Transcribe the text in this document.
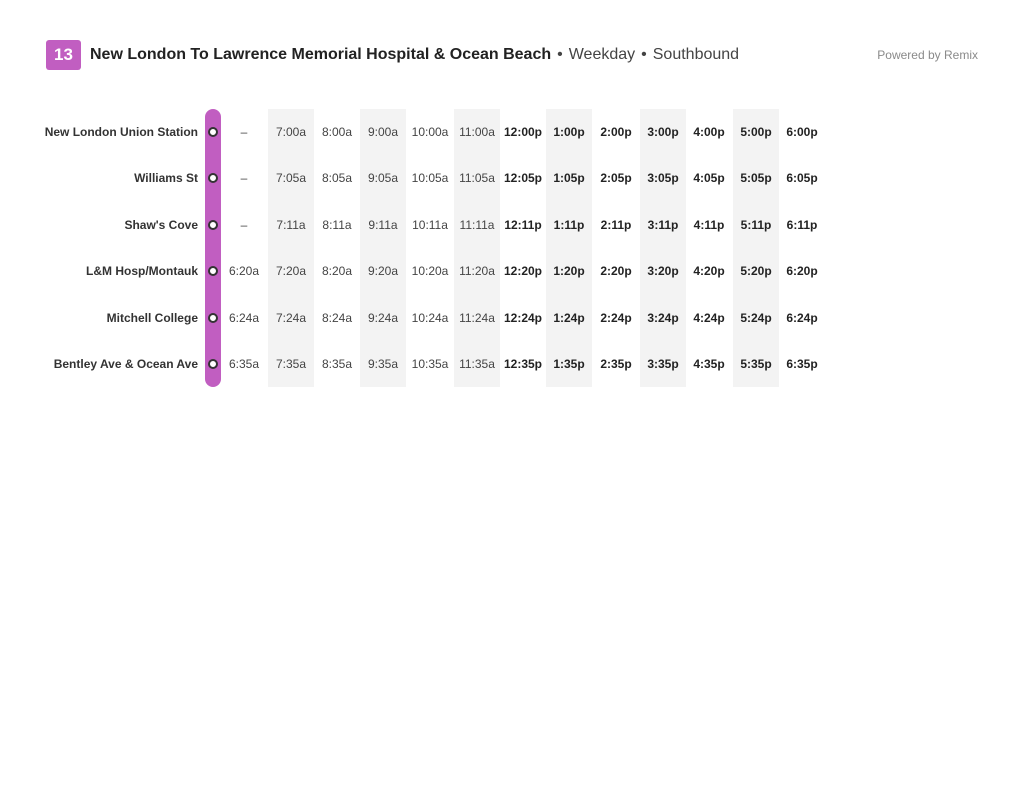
13	New London To Lawrence Memorial Hospital & Ocean Beach • Weekday • Southbound	Powered by Remix
New London Union Station	–	7:00a	8:00a	9:00a	10:00a 11:00a 12:00p 1:00p	2:00p	3:00p	4:00p	5:00p	6:00p
Williams St	–	7:05a	8:05a	9:05a	10:05a 11:05a 12:05p 1:05p	2:05p	3:05p	4:05p	5:05p	6:05p
Shaw's Cove	–	7:11a	8:11a	9:11a	10:11a 11:11a 12:11p 1:11p	2:11p	3:11p	4:11p	5:11p	6:11p
L&M Hosp/Montauk	6:20a	7:20a	8:20a	9:20a	10:20a 11:20a 12:20p 1:20p	2:20p	3:20p	4:20p	5:20p	6:20p
Mitchell College	6:24a	7:24a	8:24a	9:24a	10:24a 11:24a 12:24p 1:24p	2:24p	3:24p	4:24p	5:24p	6:24p
Bentley Ave & Ocean Ave	6:35a	7:35a	8:35a	9:35a	10:35a 11:35a 12:35p 1:35p	2:35p	3:35p	4:35p	5:35p	6:35p
